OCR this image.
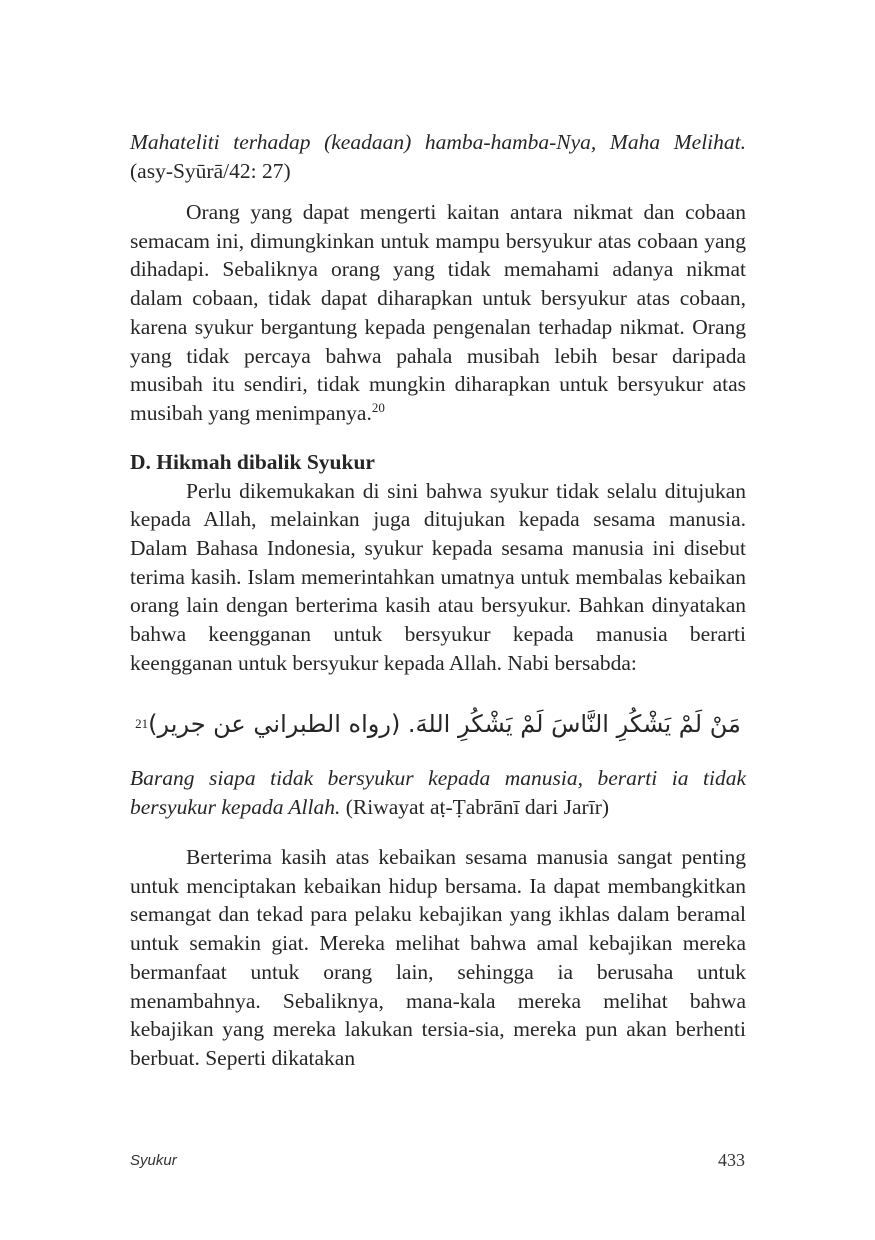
Mahateliti terhadap (keadaan) hamba-hamba-Nya, Maha Melihat.

(asy-Syūrā/42: 27)

Orang yang dapat mengerti kaitan antara nikmat dan cobaan semacam ini, dimungkinkan untuk mampu bersyukur atas cobaan yang dihadapi. Sebaliknya orang yang tidak memahami adanya nikmat dalam cobaan, tidak dapat diharapkan untuk bersyukur atas cobaan, karena syukur bergantung kepada pengenalan terhadap nikmat. Orang yang tidak percaya bahwa pahala musibah lebih besar daripada musibah itu sendiri, tidak mungkin diharapkan untuk bersyukur atas musibah yang menimpanya.$^{20}$

D. Hikmah dibalik Syukur

Perlu dikemukakan di sini bahwa syukur tidak selalu ditujukan kepada Allah, melainkan juga ditujukan kepada sesama manusia. Dalam Bahasa Indonesia, syukur kepada sesama manusia ini disebut terima kasih. Islam memerintahkan umatnya untuk membalas kebaikan orang lain dengan berterima kasih atau bersyukur. Bahkan dinyatakan bahwa keengganan untuk bersyukur kepada manusia berarti keengganan untuk bersyukur kepada Allah. Nabi bersabda:

21 مَنْ لَمْ يَشْكُرِ النَّاسَ لَمْ يَشْكُرِ اللهَ. (رواه الطبراني عن جرير)

Barang siapa tidak bersyukur kepada manusia, berarti ia tidak bersyukur kepada Allah. (Riwayat aṭ-Ṭabrānī dari Jarīr)

Berterima kasih atas kebaikan sesama manusia sangat penting untuk menciptakan kebaikan hidup bersama. Ia dapat membangkitkan semangat dan tekad para pelaku kebajikan yang ikhlas dalam beramal untuk semakin giat. Mereka melihat bahwa amal kebajikan mereka bermanfaat untuk orang lain, sehingga ia berusaha untuk menambahnya. Sebaliknya, mana-kala mereka melihat bahwa kebajikan yang mereka lakukan tersia-sia, mereka pun akan berhenti berbuat. Seperti dikatakan

Syukur	433
